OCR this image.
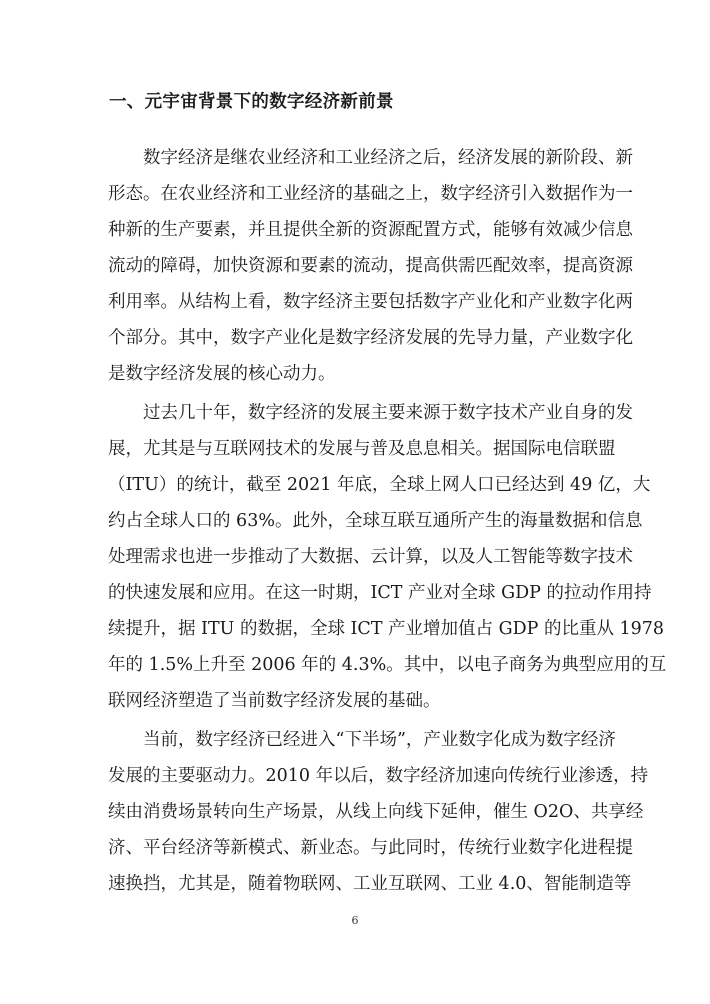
一、元宇宙背景下的数字经济新前景
数字经济是继农业经济和工业经济之后，经济发展的新阶段、新
形态。在农业经济和工业经济的基础之上，数字经济引入数据作为一
种新的生产要素，并且提供全新的资源配置方式，能够有效减少信息
流动的障碍，加快资源和要素的流动，提高供需匹配效率，提高资源
利用率。从结构上看，数字经济主要包括数字产业化和产业数字化两
个部分。其中，数字产业化是数字经济发展的先导力量，产业数字化
是数字经济发展的核心动力。
过去几十年，数字经济的发展主要来源于数字技术产业自身的发
展，尤其是与互联网技术的发展与普及息息相关。据国际电信联盟
（ITU）的统计，截至 2021 年底，全球上网人口已经达到 49 亿，大
约占全球人口的 63%。此外，全球互联互通所产生的海量数据和信息
处理需求也进一步推动了大数据、云计算，以及人工智能等数字技术
的快速发展和应用。在这一时期，ICT 产业对全球 GDP 的拉动作用持
续提升，据 ITU 的数据，全球 ICT 产业增加值占 GDP 的比重从 1978
年的 1.5%上升至 2006 年的 4.3%。其中，以电子商务为典型应用的互
联网经济塑造了当前数字经济发展的基础。
当前，数字经济已经进入“下半场”，产业数字化成为数字经济
发展的主要驱动力。2010 年以后，数字经济加速向传统行业渗透，持
续由消费场景转向生产场景，从线上向线下延伸，催生 O2O、共享经
济、平台经济等新模式、新业态。与此同时，传统行业数字化进程提
速换挡，尤其是，随着物联网、工业互联网、工业 4.0、智能制造等
6
